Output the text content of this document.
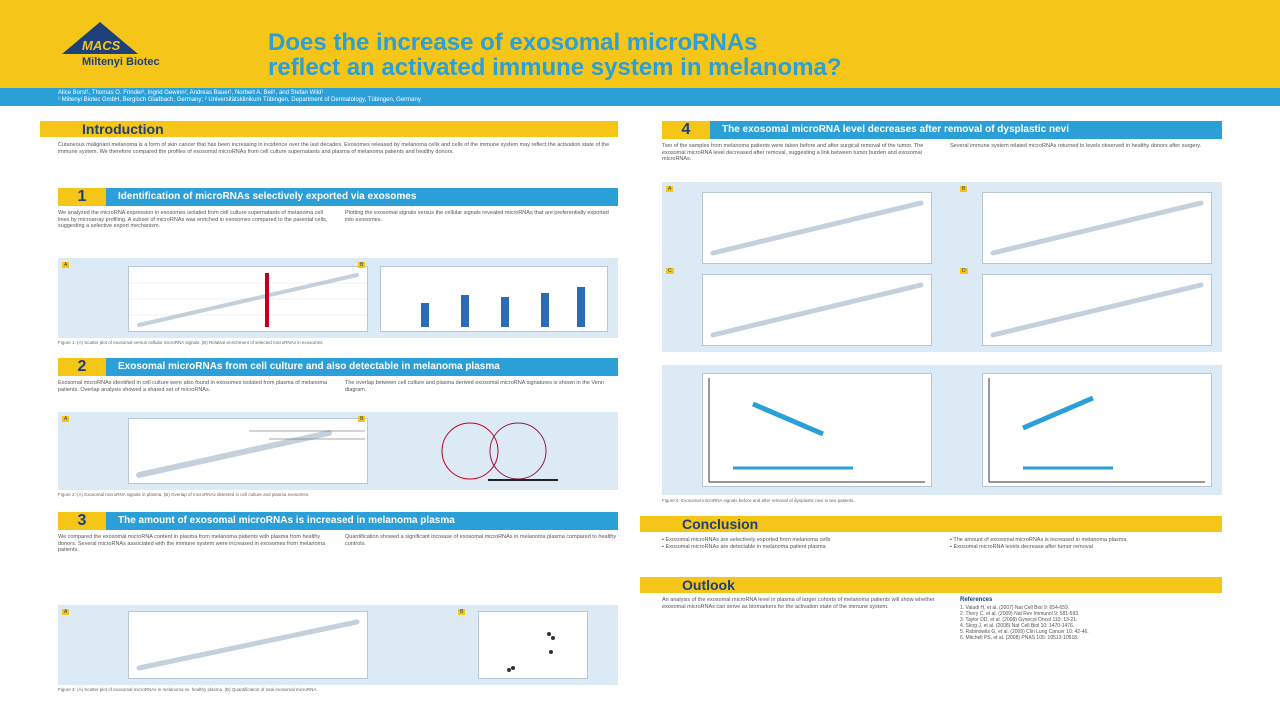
MACS
Miltenyi Biotec
Does the increase of exosomal microRNAs
reflect an activated immune system in melanoma?
Alice Borst¹, Thomas O. Frinder², Ingrid Gewinn², Andreas Bauer¹, Norbert A. Beil¹, and Stefan Wild¹
¹ Miltenyi Biotec GmbH, Bergisch Gladbach, Germany; ² Universitätsklinikum Tübingen, Department of Dermatology, Tübingen, Germany
Introduction
Cutaneous malignant melanoma is a form of skin cancer that has been increasing in incidence over the last decades. Exosomes released by melanoma cells and cells of the immune system may reflect the activation state of the immune system. We therefore compared the profiles of exosomal microRNAs from cell culture supernatants and plasma of melanoma patients and healthy donors.
1	Identification of microRNAs selectively exported via exosomes
We analyzed the microRNA expression in exosomes isolated from cell culture supernatants of melanoma cell lines by microarray profiling. A subset of microRNAs was enriched in exosomes compared to the parental cells, suggesting a selective export mechanism.
Plotting the exosomal signals versus the cellular signals revealed microRNAs that are preferentially exported into exosomes.
A	B
Figure 1: (A) Scatter plot of exosomal versus cellular microRNA signals. (B) Relative enrichment of selected microRNAs in exosomes.
2	Exosomal microRNAs from cell culture and also detectable in melanoma plasma
Exosomal microRNAs identified in cell culture were also found in exosomes isolated from plasma of melanoma patients. Overlap analysis showed a shared set of microRNAs.
The overlap between cell culture and plasma derived exosomal microRNA signatures is shown in the Venn diagram.
A	B
Figure 2: (A) Exosomal microRNA signals in plasma. (B) Overlap of microRNAs detected in cell culture and plasma exosomes.
3	The amount of exosomal microRNAs is increased in melanoma plasma
We compared the exosomal microRNA content in plasma from melanoma patients with plasma from healthy donors. Several microRNAs associated with the immune system were increased in exosomes from melanoma patients.
Quantification showed a significant increase of exosomal microRNAs in melanoma plasma compared to healthy controls.
A	B
Figure 3: (A) Scatter plot of exosomal microRNAs in melanoma vs. healthy plasma. (B) Quantification of total exosomal microRNA.
4	The exosomal microRNA level decreases after removal of dysplastic nevi
Two of the samples from melanoma patients were taken before and after surgical removal of the tumor. The exosomal microRNA level decreased after removal, suggesting a link between tumor burden and exosomal microRNAs.
Several immune system related microRNAs returned to levels observed in healthy donors after surgery.
A	B
C	D
Figure 4: Exosomal microRNA signals before and after removal of dysplastic nevi in two patients.
Conclusion
• Exosomal microRNAs are selectively exported from melanoma cells
• Exosomal microRNAs are detectable in melanoma patient plasma
• The amount of exosomal microRNAs is increased in melanoma plasma
• Exosomal microRNA levels decrease after tumor removal
Outlook
An analysis of the exosomal microRNA level in plasma of larger cohorts of melanoma patients will show whether exosomal microRNAs can serve as biomarkers for the activation state of the immune system.
References
1. Valadi H, et al. (2007) Nat Cell Biol 9: 654-659.
2. Thery C, et al. (2009) Nat Rev Immunol 9: 581-593.
3. Taylor DD, et al. (2008) Gynecol Oncol 110: 13-21.
4. Skog J, et al. (2008) Nat Cell Biol 10: 1470-1476.
5. Rabinowits G, et al. (2009) Clin Lung Cancer 10: 42-46.
6. Mitchell PS, et al. (2008) PNAS 105: 10513-10518.
